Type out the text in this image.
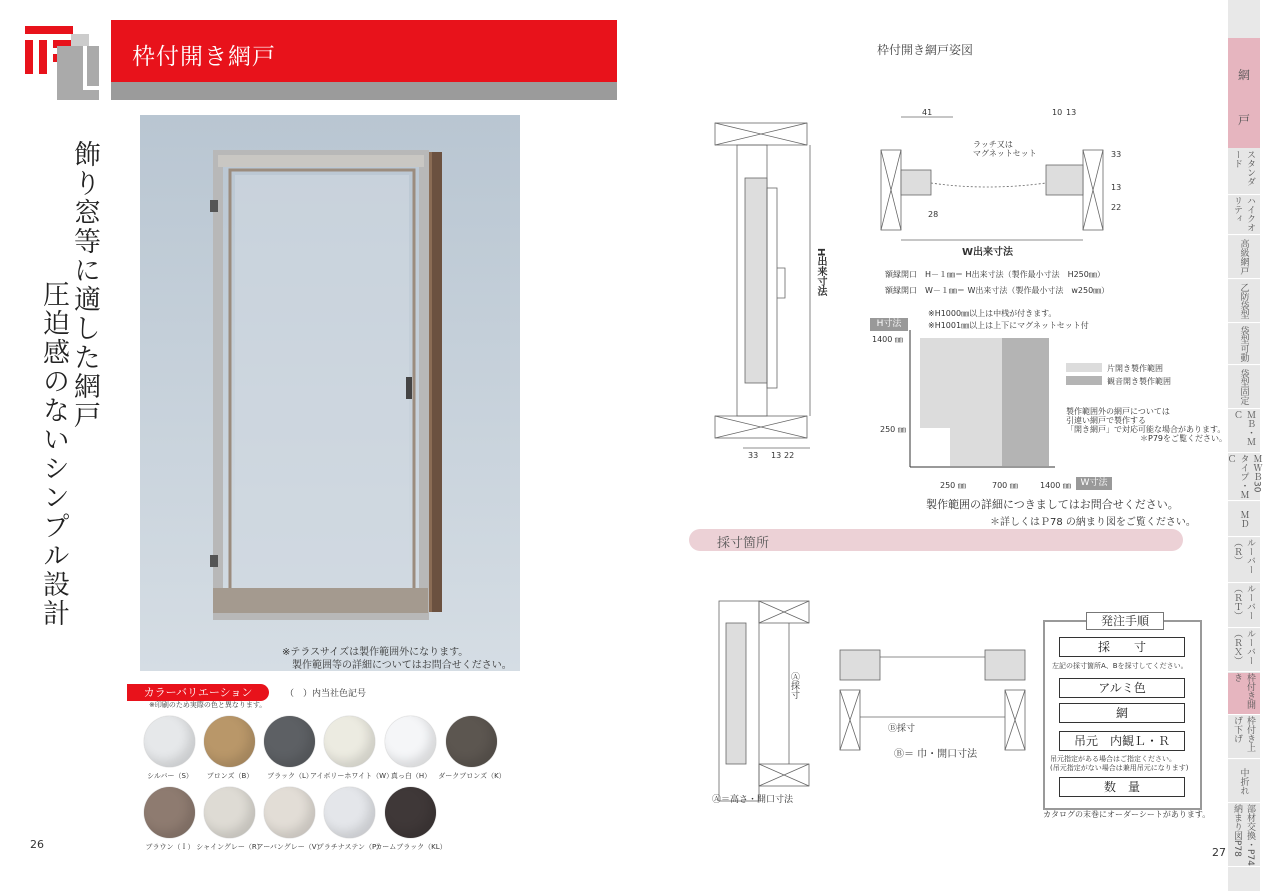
枠付開き網戸
※テラスサイズは製作範囲外になります。
製作範囲等の詳細についてはお問合せください。
飾り窓等に適した網戸
圧迫感のないシンプル設計
カラーバリエーション	（　）内当社色記号
※印刷のため実際の色と異なります。
シルバー（S）	ブロンズ（B）	ブラック（L）
アイボリーホワイト（W）
真っ白（H）	ダークブロンズ（K）
ブラウン（Ｉ） シャイングレー（R）
アーバングレー（V）
プラチナステン（P）
カームブラック（KL）
26
枠付開き網戸姿図
H出来寸法
33 13 22
41	10 13
33
28
13
22
ラッチ又は
マグネットセット
W出来寸法
額縁開口　H－１㎜＝ H出来寸法（製作最小寸法　H250㎜）
額縁開口　W－１㎜＝ W出来寸法（製作最小寸法　w250㎜）
※H1000㎜以上は中桟が付きます。
※H1001㎜以上は上下にマグネットセット付
H寸法
1400 ㎜
250 ㎜
250 ㎜	700 ㎜	1400 ㎜	W寸法
片開き製作範囲
観音開き製作範囲
製作範囲外の網戸については
引違い網戸で製作する
「開き網戸」で対応可能な場合があります。
＊P79をご覧ください。
製作範囲の詳細につきましてはお問合せください。
＊詳しくはＰ78 の納まり図をご覧ください。
採寸箇所
Ⓐ採寸
Ⓐ＝高さ・開口寸法
Ⓑ採寸
Ⓑ＝ 巾・開口寸法
発注手順
採　　寸
左記の採寸箇所A、Bを採寸してください。
アルミ色
網
吊元　内観Ｌ・Ｒ
吊元指定がある場合はご指定ください。
(吊元指定がない場合は兼用吊元になります)
数　量
カタログの末巻にオーダーシートがあります。
27
網
戸
スタンダード
ハイクオリティ
高級網戸
乙防袋型
袋型可動
袋型固定
ＭＢ・ＭＣ
ＭＷＢ30タイプ・ＭＣ
ＭＤ
ルーバー（Ｒ）
ルーバー（ＲＴ）
ルーバー（ＲＸ）
枠付き開き
枠付き上げ下げ
中折れ
部材交換・P74 納まり図P78
